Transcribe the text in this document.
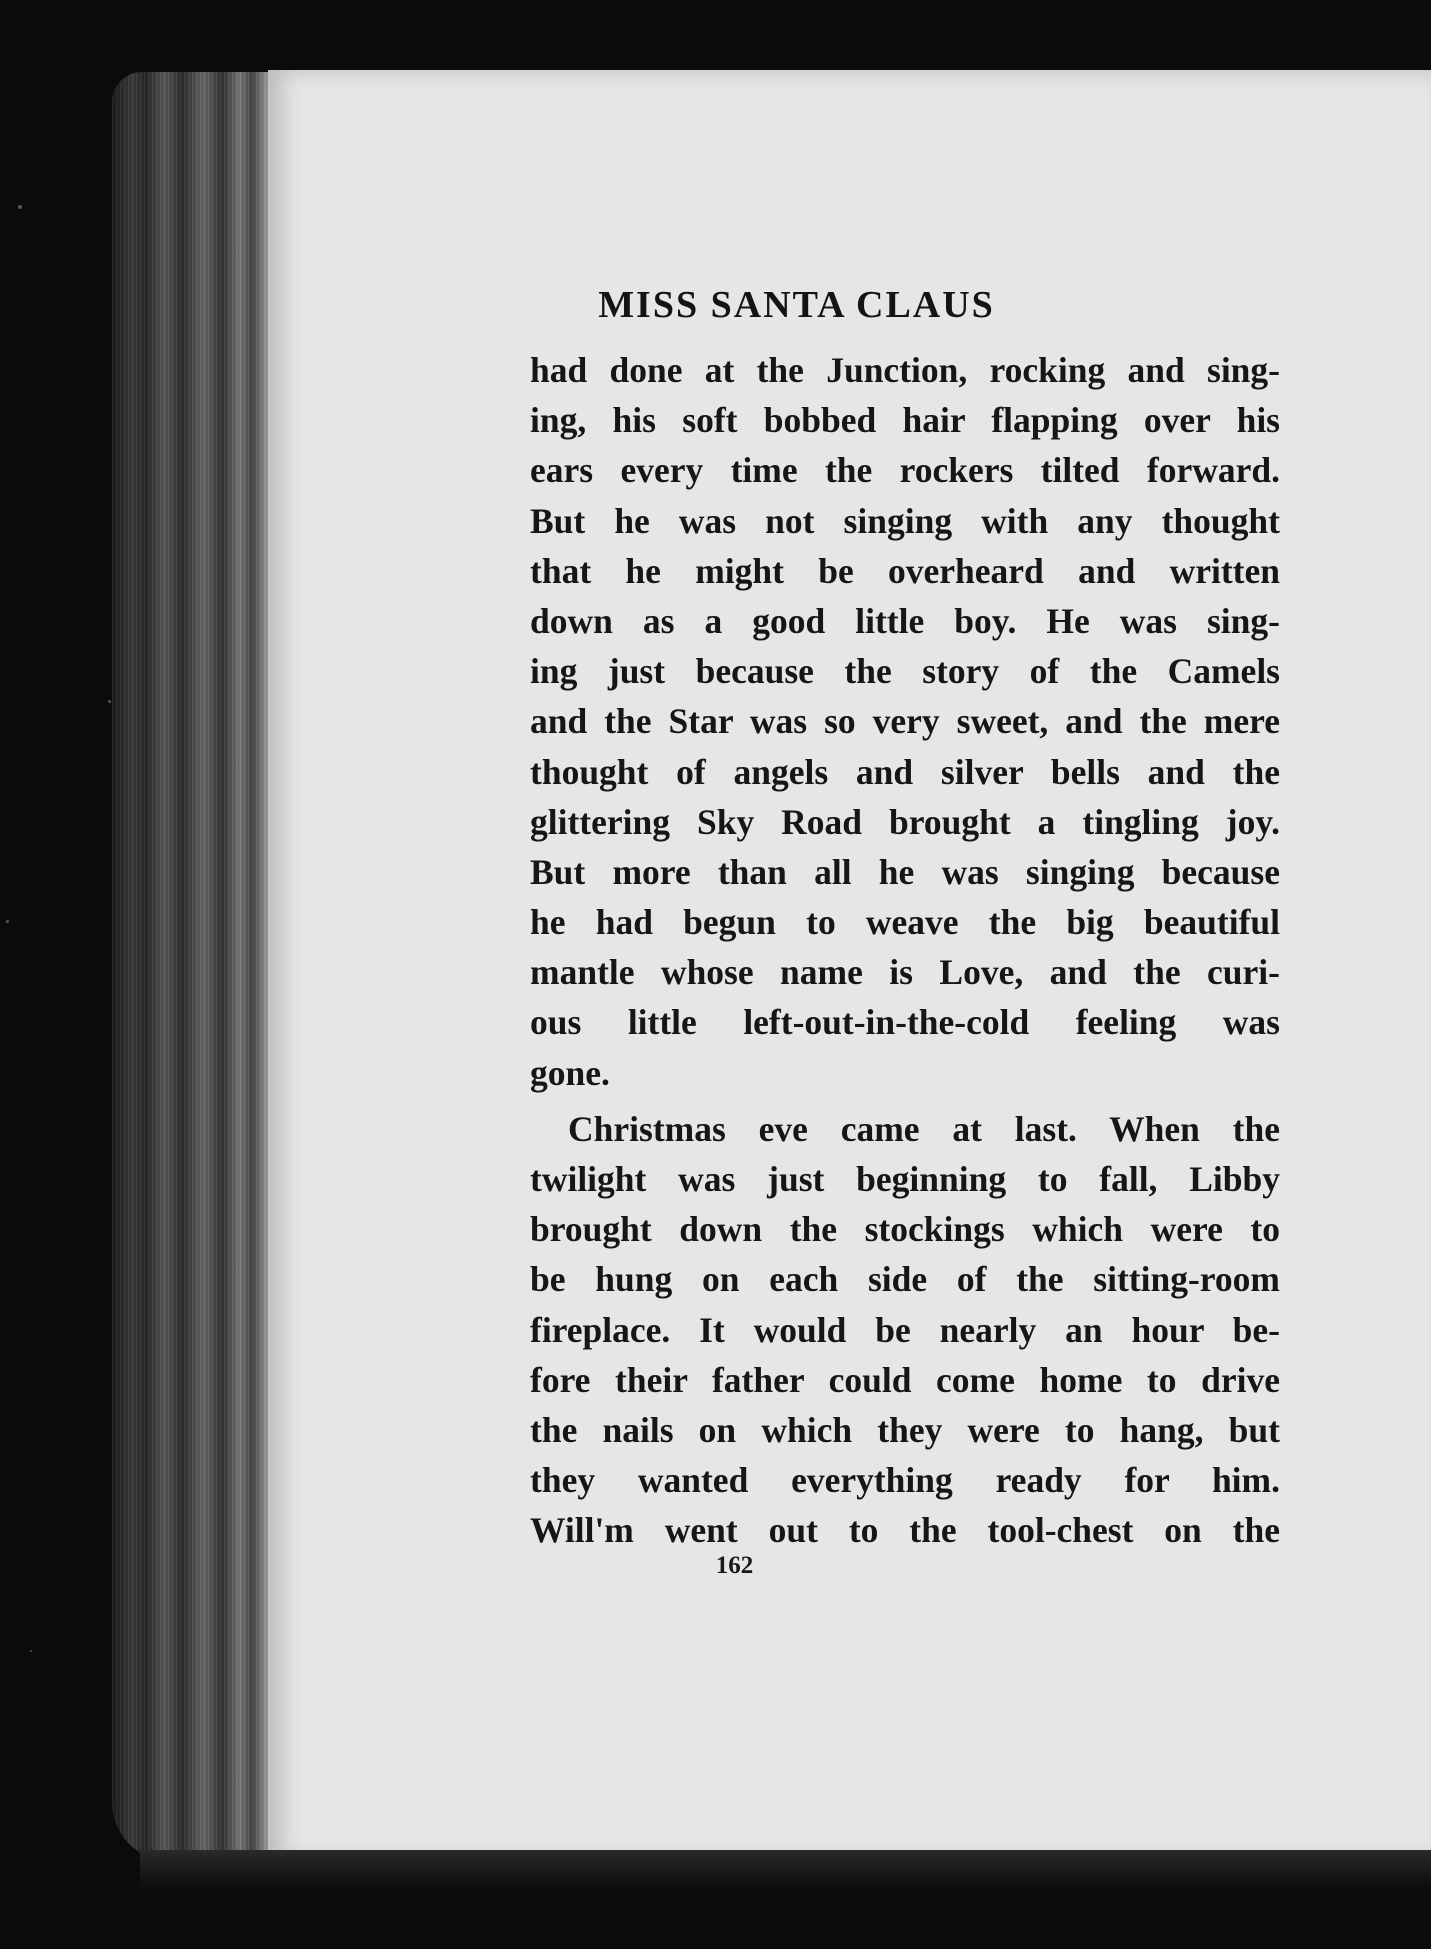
MISS SANTA CLAUS
had done at the Junction, rocking and sing-
ing, his soft bobbed hair flapping over his
ears every time the rockers tilted forward.
But he was not singing with any thought
that he might be overheard and written
down as a good little boy. He was sing-
ing just because the story of the Camels
and the Star was so very sweet, and the mere
thought of angels and silver bells and the
glittering Sky Road brought a tingling joy.
But more than all he was singing because
he had begun to weave the big beautiful
mantle whose name is Love, and the curi-
ous little left-out-in-the-cold feeling was
gone.
Christmas eve came at last. When the
twilight was just beginning to fall, Libby
brought down the stockings which were to
be hung on each side of the sitting-room
fireplace. It would be nearly an hour be-
fore their father could come home to drive
the nails on which they were to hang, but
they wanted everything ready for him.
Will'm went out to the tool-chest on the
162
